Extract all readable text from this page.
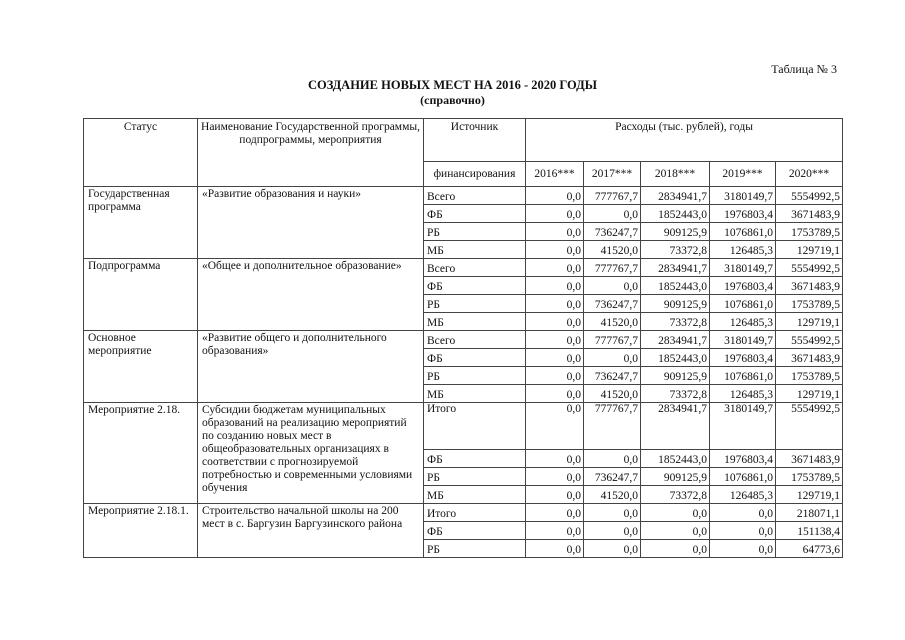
Таблица № 3
СОЗДАНИЕ НОВЫХ МЕСТ НА 2016 - 2020 ГОДЫ
(справочно)
Статус	Наименование Государственной программы, подпрограммы, мероприятия	Источник	Расходы (тыс. рублей), годы				
		финансирования	2016***	2017***	2018***	2019***	2020***
Государственная программа	«Развитие образования и науки»	Всего	0,0	777767,7	2834941,7	3180149,7	5554992,5
		ФБ	0,0	0,0	1852443,0	1976803,4	3671483,9
		РБ	0,0	736247,7	909125,9	1076861,0	1753789,5
		МБ	0,0	41520,0	73372,8	126485,3	129719,1
Подпрограмма	«Общее и дополнительное образование»	Всего	0,0	777767,7	2834941,7	3180149,7	5554992,5
		ФБ	0,0	0,0	1852443,0	1976803,4	3671483,9
		РБ	0,0	736247,7	909125,9	1076861,0	1753789,5
		МБ	0,0	41520,0	73372,8	126485,3	129719,1
Основное мероприятие	«Развитие общего и дополнительного образования»	Всего	0,0	777767,7	2834941,7	3180149,7	5554992,5
		ФБ	0,0	0,0	1852443,0	1976803,4	3671483,9
		РБ	0,0	736247,7	909125,9	1076861,0	1753789,5
		МБ	0,0	41520,0	73372,8	126485,3	129719,1
Мероприятие 2.18.	Субсидии бюджетам муниципальных образований на реализацию мероприятий по созданию новых мест в общеобразовательных организациях в соответствии с прогнозируемой потребностью и современными условиями обучения	Итого	0,0	777767,7	2834941,7	3180149,7	5554992,5
		ФБ	0,0	0,0	1852443,0	1976803,4	3671483,9
		РБ	0,0	736247,7	909125,9	1076861,0	1753789,5
		МБ	0,0	41520,0	73372,8	126485,3	129719,1
Мероприятие 2.18.1.	Строительство начальной школы на 200 мест в с. Баргузин Баргузинского района	Итого	0,0	0,0	0,0	0,0	218071,1
		ФБ	0,0	0,0	0,0	0,0	151138,4
		РБ	0,0	0,0	0,0	0,0	64773,6
